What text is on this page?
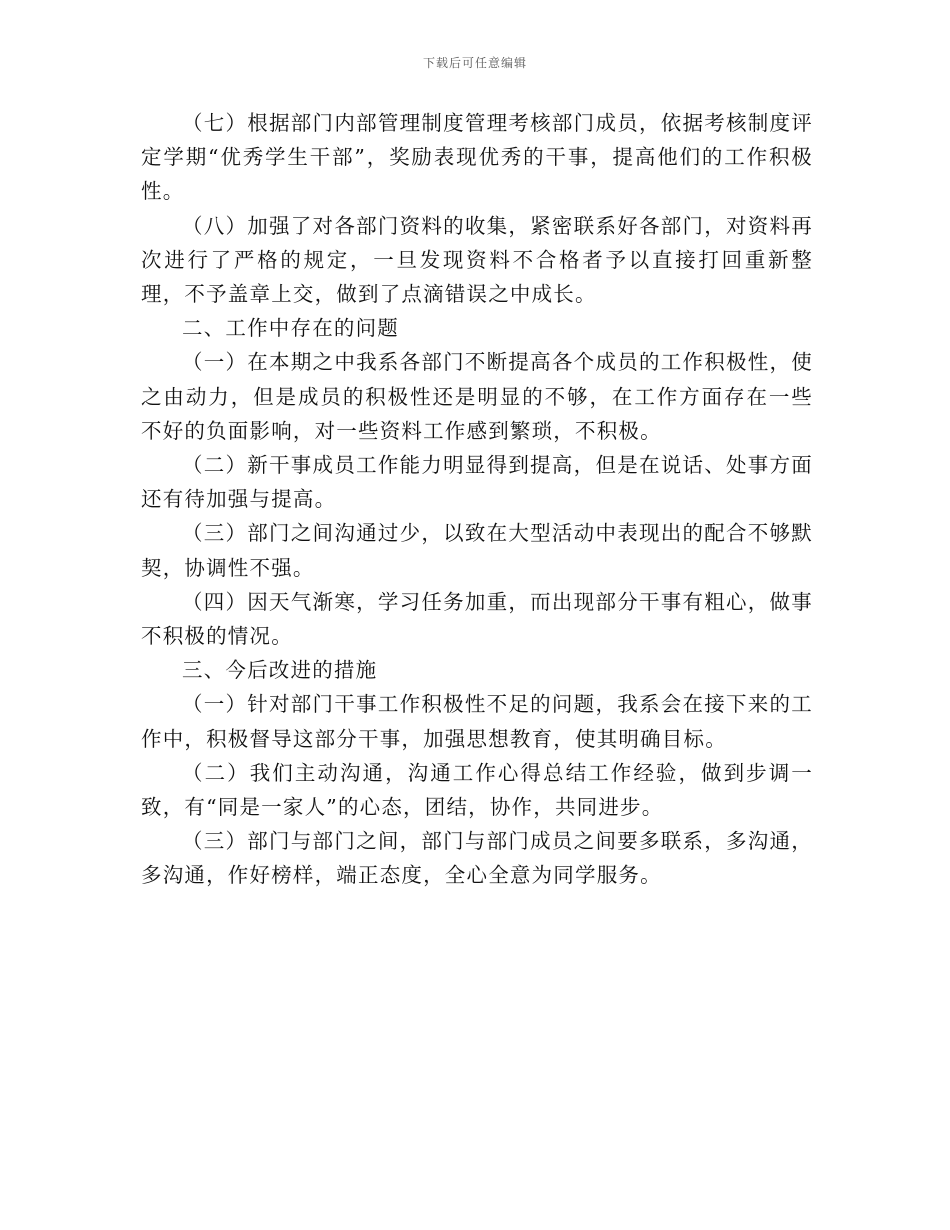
下载后可任意编辑

（七）根据部门内部管理制度管理考核部门成员，依据考核制度评定学期“优秀学生干部”，奖励表现优秀的干事，提高他们的工作积极性。

（八）加强了对各部门资料的收集，紧密联系好各部门，对资料再次进行了严格的规定，一旦发现资料不合格者予以直接打回重新整理，不予盖章上交，做到了点滴错误之中成长。

二、工作中存在的问题

（一）在本期之中我系各部门不断提高各个成员的工作积极性，使之由动力，但是成员的积极性还是明显的不够，在工作方面存在一些不好的负面影响，对一些资料工作感到繁琐，不积极。

（二）新干事成员工作能力明显得到提高，但是在说话、处事方面还有待加强与提高。

（三）部门之间沟通过少，以致在大型活动中表现出的配合不够默契，协调性不强。

（四）因天气渐寒，学习任务加重，而出现部分干事有粗心，做事不积极的情况。

三、今后改进的措施

（一）针对部门干事工作积极性不足的问题，我系会在接下来的工作中，积极督导这部分干事，加强思想教育，使其明确目标。

（二）我们主动沟通，沟通工作心得总结工作经验，做到步调一致，有“同是一家人”的心态，团结，协作，共同进步。

（三）部门与部门之间，部门与部门成员之间要多联系，多沟通，多沟通，作好榜样，端正态度，全心全意为同学服务。
